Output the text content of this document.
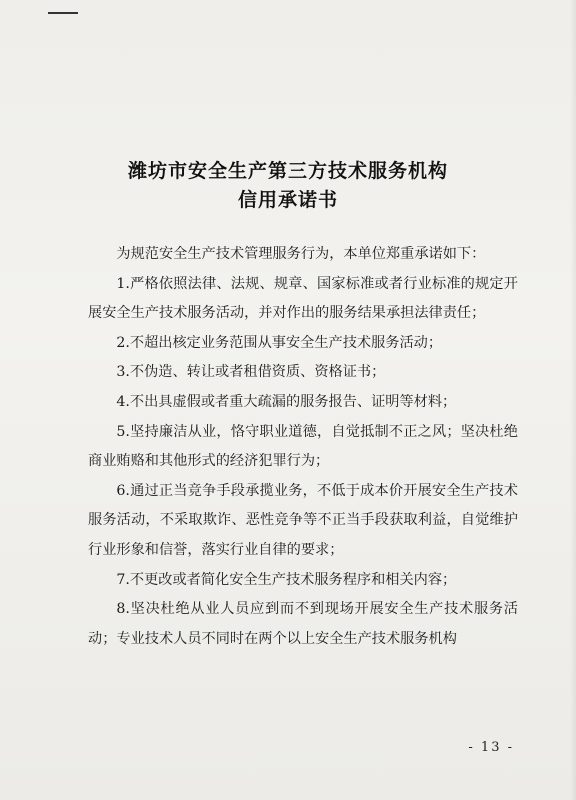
潍坊市安全生产第三方技术服务机构
信用承诺书

为规范安全生产技术管理服务行为，本单位郑重承诺如下：

1.严格依照法律、法规、规章、国家标准或者行业标准的规定开展安全生产技术服务活动，并对作出的服务结果承担法律责任；

2.不超出核定业务范围从事安全生产技术服务活动；

3.不伪造、转让或者租借资质、资格证书；

4.不出具虚假或者重大疏漏的服务报告、证明等材料；

5.坚持廉洁从业，恪守职业道德，自觉抵制不正之风；坚决杜绝商业贿赂和其他形式的经济犯罪行为；

6.通过正当竞争手段承揽业务，不低于成本价开展安全生产技术服务活动，不采取欺诈、恶性竞争等不正当手段获取利益，自觉维护行业形象和信誉，落实行业自律的要求；

7.不更改或者简化安全生产技术服务程序和相关内容；

8.坚决杜绝从业人员应到而不到现场开展安全生产技术服务活动；专业技术人员不同时在两个以上安全生产技术服务机构

- 13 -
